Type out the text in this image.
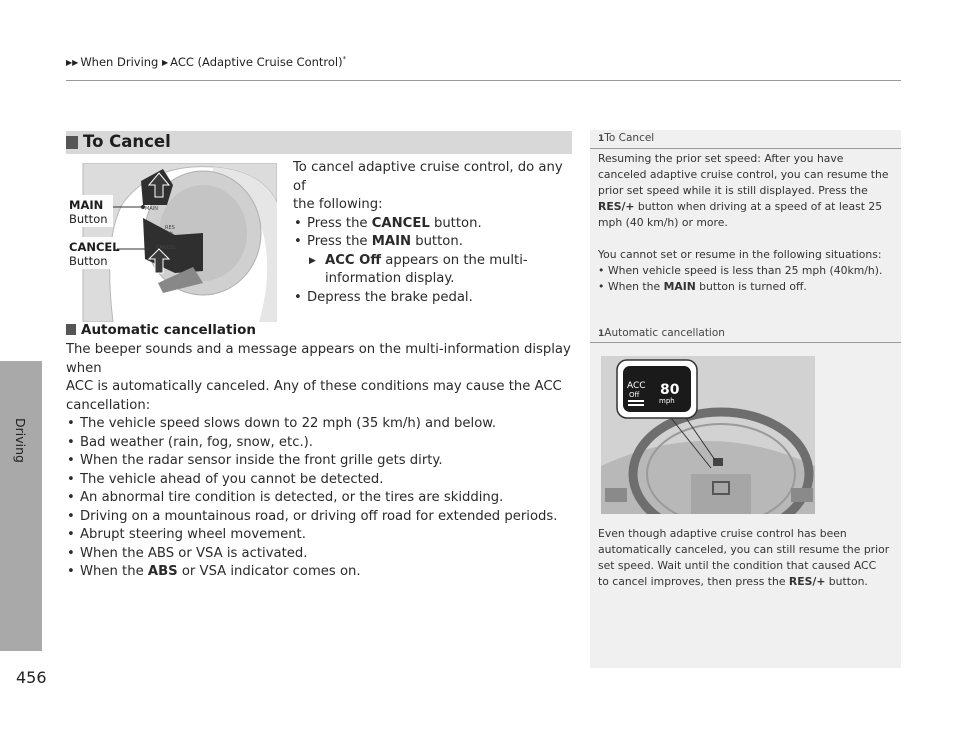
▶▶ When Driving ▶ ACC (Adaptive Cruise Control)*
Driving
456
To Cancel
MAIN
RES
+
CANCEL
MAIN
Button
CANCEL
Button

To cancel adaptive cruise control, do any of

the following:

• Press the CANCEL button.
• Press the MAIN button.
▶ ACC Off appears on the multi-
information display.
• Depress the brake pedal.
Automatic cancellation

The beeper sounds and a message appears on the multi-information display when

ACC is automatically canceled. Any of these conditions may cause the ACC

cancellation:

• The vehicle speed slows down to 22 mph (35 km/h) and below.
• Bad weather (rain, fog, snow, etc.).
• When the radar sensor inside the front grille gets dirty.
• The vehicle ahead of you cannot be detected.
• An abnormal tire condition is detected, or the tires are skidding.
• Driving on a mountainous road, or driving off road for extended periods.
• Abrupt steering wheel movement.
• When the ABS or VSA is activated.
• When the ABS or VSA indicator comes on.
1To Cancel

Resuming the prior set speed: After you have

canceled adaptive cruise control, you can resume the

prior set speed while it is still displayed. Press the

RES/+ button when driving at a speed of at least 25

mph (40 km/h) or more.

You cannot set or resume in the following situations:

• When vehicle speed is less than 25 mph (40km/h).
• When the MAIN button is turned off.
1Automatic cancellation

Even though adaptive cruise control has been

automatically canceled, you can still resume the prior

set speed. Wait until the condition that caused ACC

to cancel improves, then press the RES/+ button.

ACC
Off 80
mph
